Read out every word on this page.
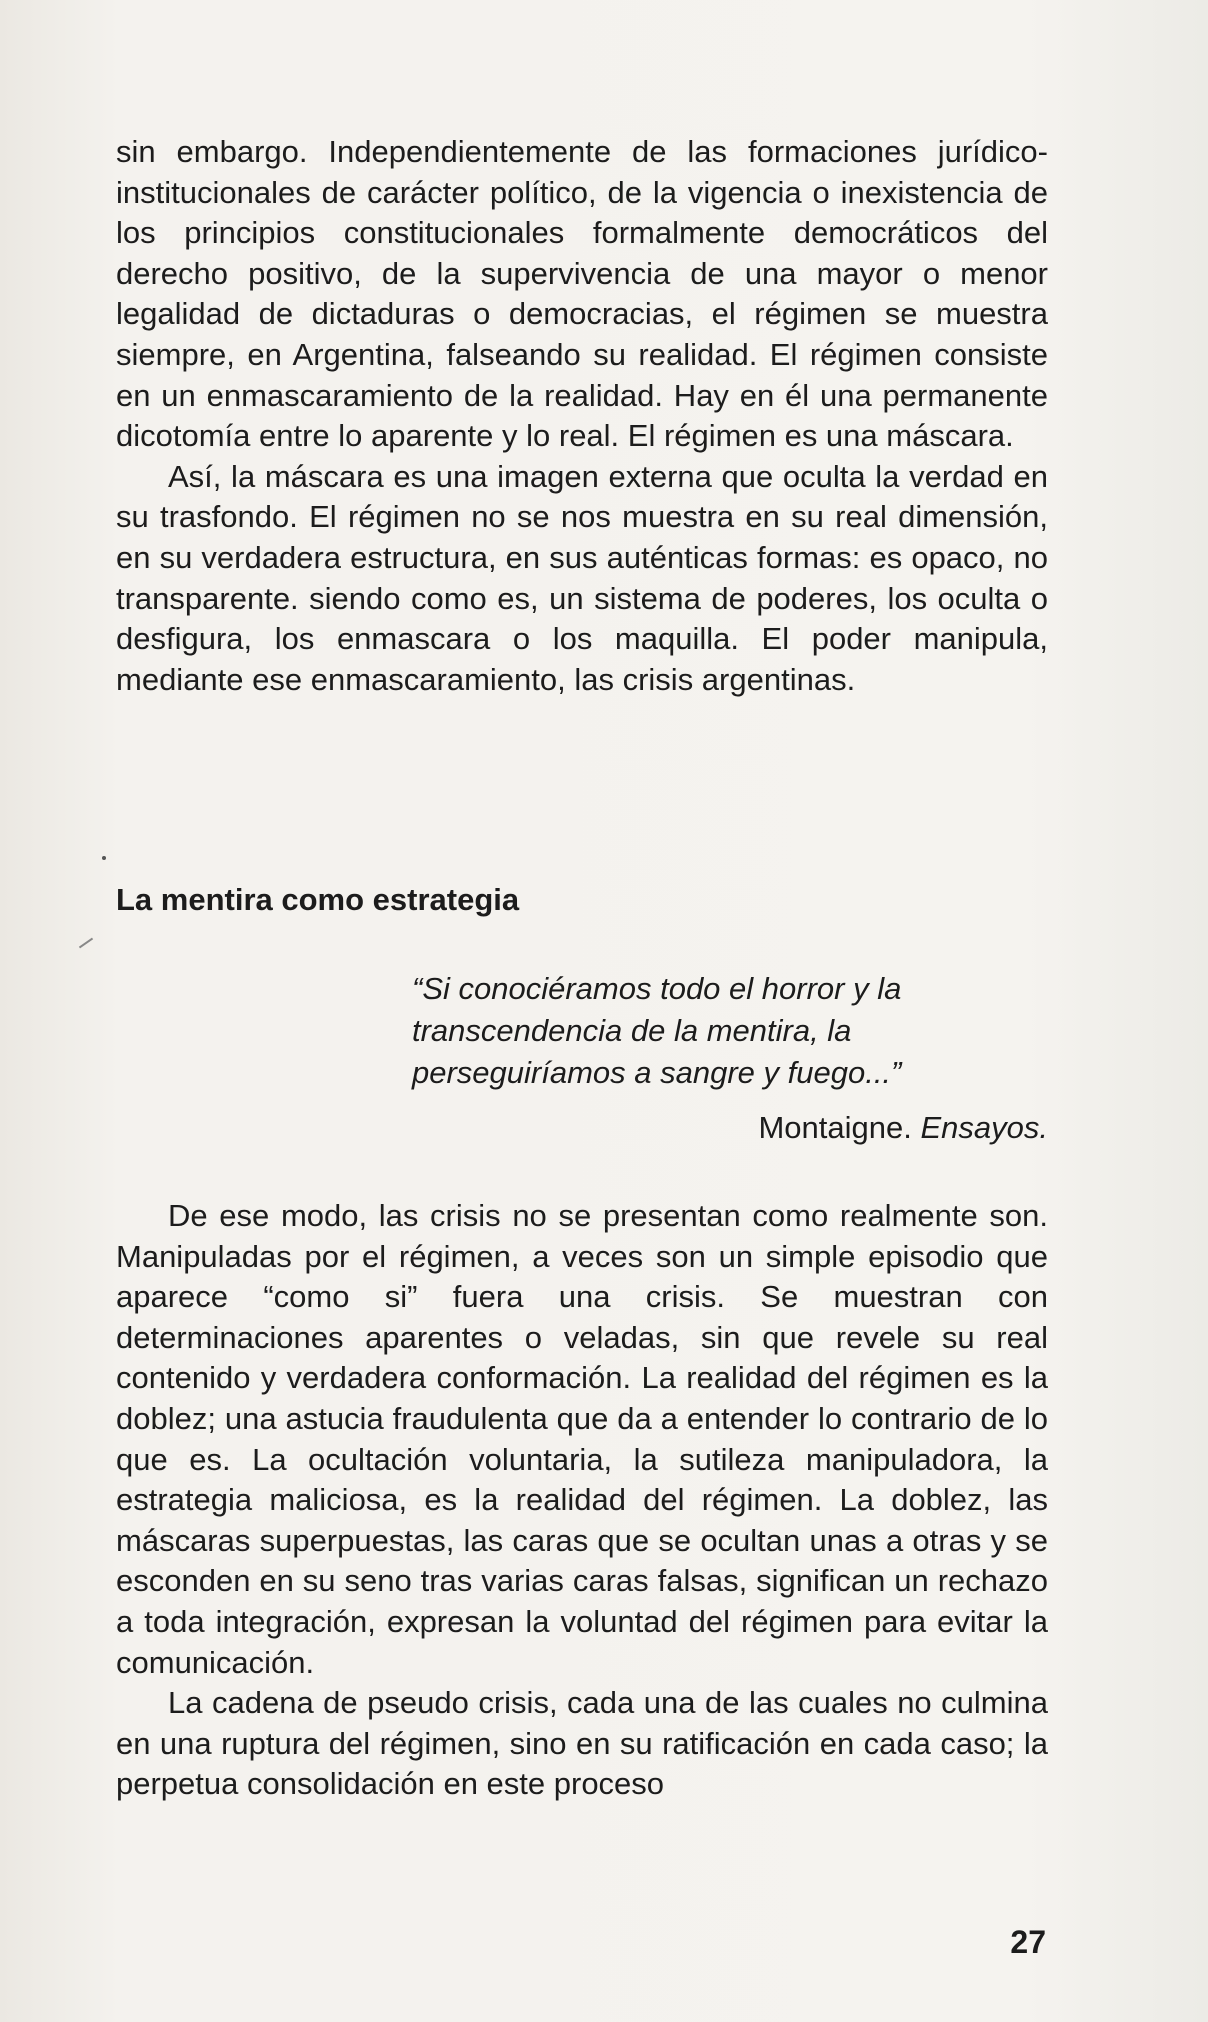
sin embargo. Independientemente de las formaciones jurídico-institucionales de carácter político, de la vigencia o inexistencia de los principios constitucionales formalmente democráticos del derecho positivo, de la supervivencia de una mayor o menor legalidad de dictaduras o democracias, el régimen se muestra siempre, en Argentina, falseando su realidad. El régimen consiste en un enmascaramiento de la realidad. Hay en él una permanente dicotomía entre lo aparente y lo real. El régimen es una máscara.

Así, la máscara es una imagen externa que oculta la verdad en su trasfondo. El régimen no se nos muestra en su real dimensión, en su verdadera estructura, en sus auténticas formas: es opaco, no transparente. siendo como es, un sistema de poderes, los oculta o desfigura, los enmascara o los maquilla. El poder manipula, mediante ese enmascaramiento, las crisis argentinas.

La mentira como estrategia

“Si conociéramos todo el horror y la transcendencia de la mentira, la perseguiríamos a sangre y fuego...”

Montaigne. Ensayos.

De ese modo, las crisis no se presentan como realmente son. Manipuladas por el régimen, a veces son un simple episodio que aparece “como si” fuera una crisis. Se muestran con determinaciones aparentes o veladas, sin que revele su real contenido y verdadera conformación. La realidad del régimen es la doblez; una astucia fraudulenta que da a entender lo contrario de lo que es. La ocultación voluntaria, la sutileza manipuladora, la estrategia maliciosa, es la realidad del régimen. La doblez, las máscaras superpuestas, las caras que se ocultan unas a otras y se esconden en su seno tras varias caras falsas, significan un rechazo a toda integración, expresan la voluntad del régimen para evitar la comunicación.

La cadena de pseudo crisis, cada una de las cuales no culmina en una ruptura del régimen, sino en su ratificación en cada caso; la perpetua consolidación en este proceso

27
